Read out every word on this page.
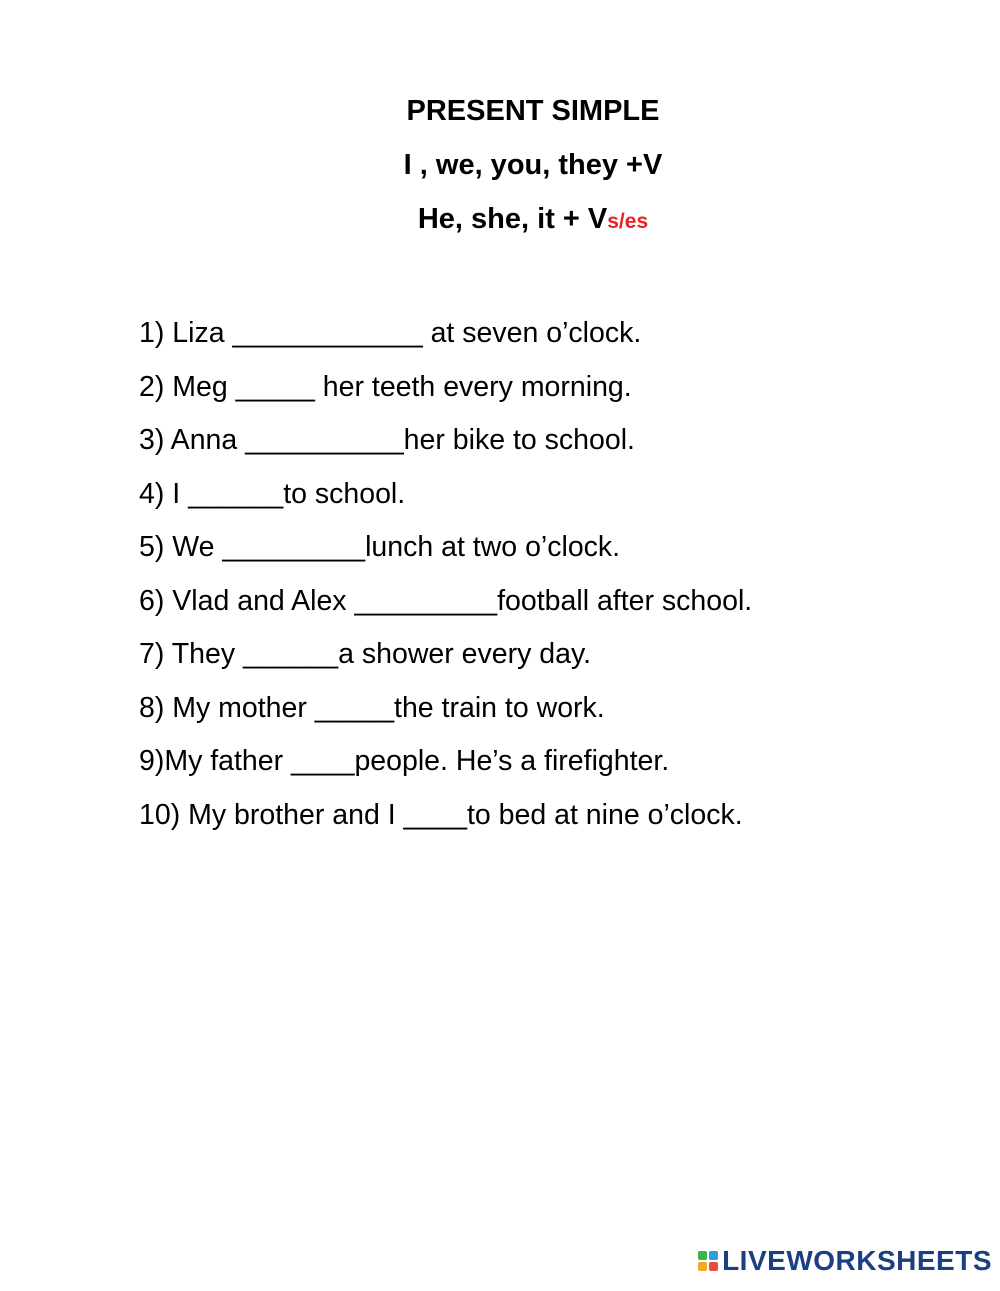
PRESENT SIMPLE
I , we, you, they +V
He, she, it + Vs/es
1) Liza ____________ at seven o’clock.
2) Meg _____ her teeth every morning.
3) Anna __________her bike to school.
4) I ______to school.
5) We _________lunch at two o’clock.
6) Vlad and Alex _________football after school.
7) They ______a shower every day.
8) My mother _____the train to work.
9)My father ____people. He’s a firefighter.
10) My brother and I ____to bed at nine o’clock.
LIVEWORKSHEETS
